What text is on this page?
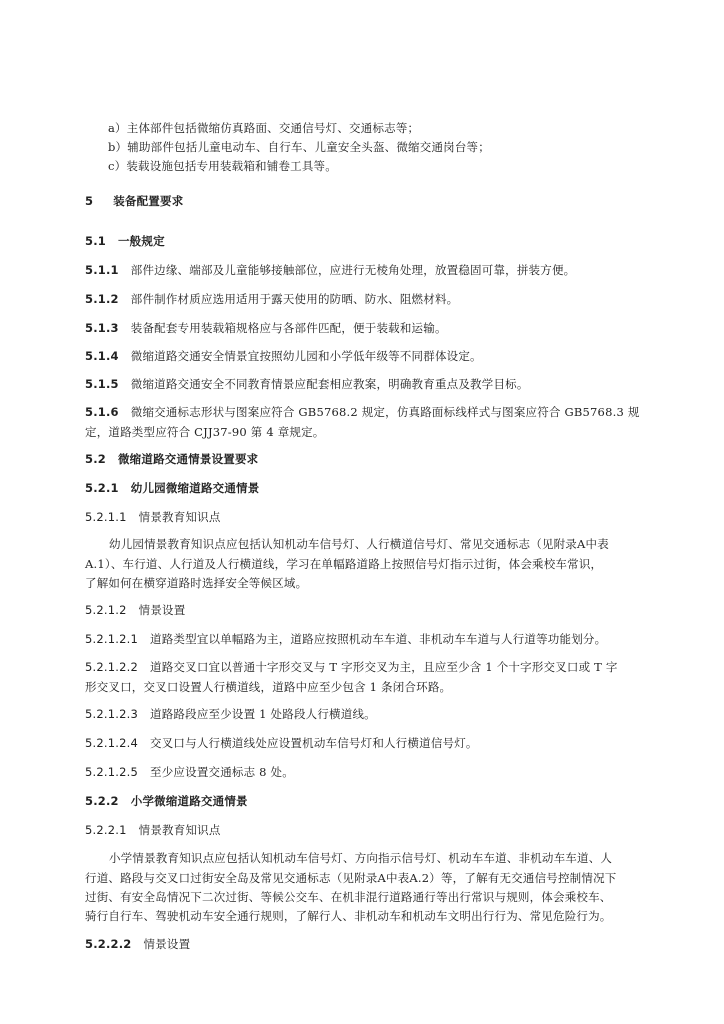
a）主体部件包括微缩仿真路面、交通信号灯、交通标志等；
b）辅助部件包括儿童电动车、自行车、儿童安全头盔、微缩交通岗台等；
c）装载设施包括专用装载箱和铺卷工具等。
5 装备配置要求
5.1 一般规定
5.1.1 部件边缘、端部及儿童能够接触部位，应进行无棱角处理，放置稳固可靠，拼装方便。
5.1.2 部件制作材质应选用适用于露天使用的防晒、防水、阻燃材料。
5.1.3 装备配套专用装载箱规格应与各部件匹配，便于装载和运输。
5.1.4 微缩道路交通安全情景宜按照幼儿园和小学低年级等不同群体设定。
5.1.5 微缩道路交通安全不同教育情景应配套相应教案，明确教育重点及教学目标。
5.1.6 微缩交通标志形状与图案应符合 GB5768.2 规定，仿真路面标线样式与图案应符合 GB5768.3 规
定，道路类型应符合 CJJ37-90 第 4 章规定。
5.2 微缩道路交通情景设置要求
5.2.1 幼儿园微缩道路交通情景
5.2.1.1 情景教育知识点
幼儿园情景教育知识点应包括认知机动车信号灯、人行横道信号灯、常见交通标志（见附录A中表
A.1）、车行道、人行道及人行横道线，学习在单幅路道路上按照信号灯指示过街，体会乘校车常识，
了解如何在横穿道路时选择安全等候区域。
5.2.1.2 情景设置
5.2.1.2.1 道路类型宜以单幅路为主，道路应按照机动车车道、非机动车车道与人行道等功能划分。
5.2.1.2.2 道路交叉口宜以普通十字形交叉与 T 字形交叉为主，且应至少含 1 个十字形交叉口或 T 字
形交叉口，交叉口设置人行横道线，道路中应至少包含 1 条闭合环路。
5.2.1.2.3 道路路段应至少设置 1 处路段人行横道线。
5.2.1.2.4 交叉口与人行横道线处应设置机动车信号灯和人行横道信号灯。
5.2.1.2.5 至少应设置交通标志 8 处。
5.2.2 小学微缩道路交通情景
5.2.2.1 情景教育知识点
小学情景教育知识点应包括认知机动车信号灯、方向指示信号灯、机动车车道、非机动车车道、人
行道、路段与交叉口过街安全岛及常见交通标志（见附录A中表A.2）等，了解有无交通信号控制情况下
过街、有安全岛情况下二次过街、等候公交车、在机非混行道路通行等出行常识与规则，体会乘校车、
骑行自行车、驾驶机动车安全通行规则，了解行人、非机动车和机动车文明出行行为、常见危险行为。
5.2.2.2 情景设置
